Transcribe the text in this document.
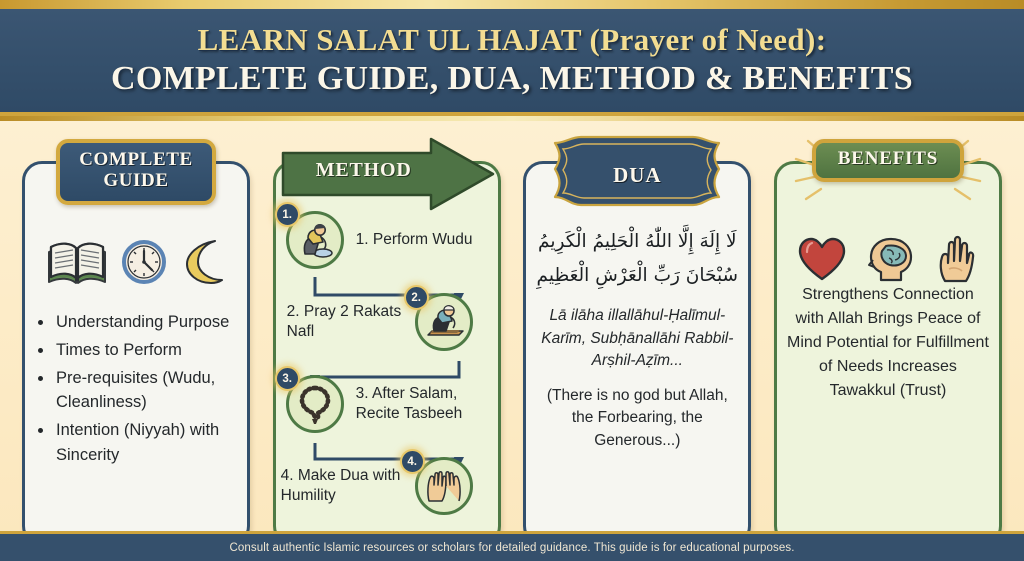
LEARN SALAT UL HAJAT (Prayer of Need):
COMPLETE GUIDE, DUA, METHOD & BENEFITS
COMPLETE GUIDE
• Understanding Purpose
• Times to Perform
• Pre-requisites (Wudu, Cleanliness)
• Intention (Niyyah) with Sincerity
METHOD
1.
1. Perform Wudu
2. Pray 2 Rakats Nafl
2.
3.
3. After Salam, Recite Tasbeeh
4. Make Dua with Humility
4.
DUA
لَا إِلَهَ إِلَّا اللّٰهُ الْحَلِيمُ الْكَرِيمُ
سُبْحَانَ رَبِّ الْعَرْشِ الْعَظِيمِ
Lā ilāha illallāhul-Ḥalīmul-Karīm, Subḥānallāhi Rabbil-Arṣhil-Aẓīm...
(There is no god but Allah, the Forbearing, the Generous...)
BENEFITS
Strengthens Connection with Allah Brings Peace of Mind Potential for Fulfillment of Needs Increases Tawakkul (Trust)
Consult authentic Islamic resources or scholars for detailed guidance. This guide is for educational purposes.
